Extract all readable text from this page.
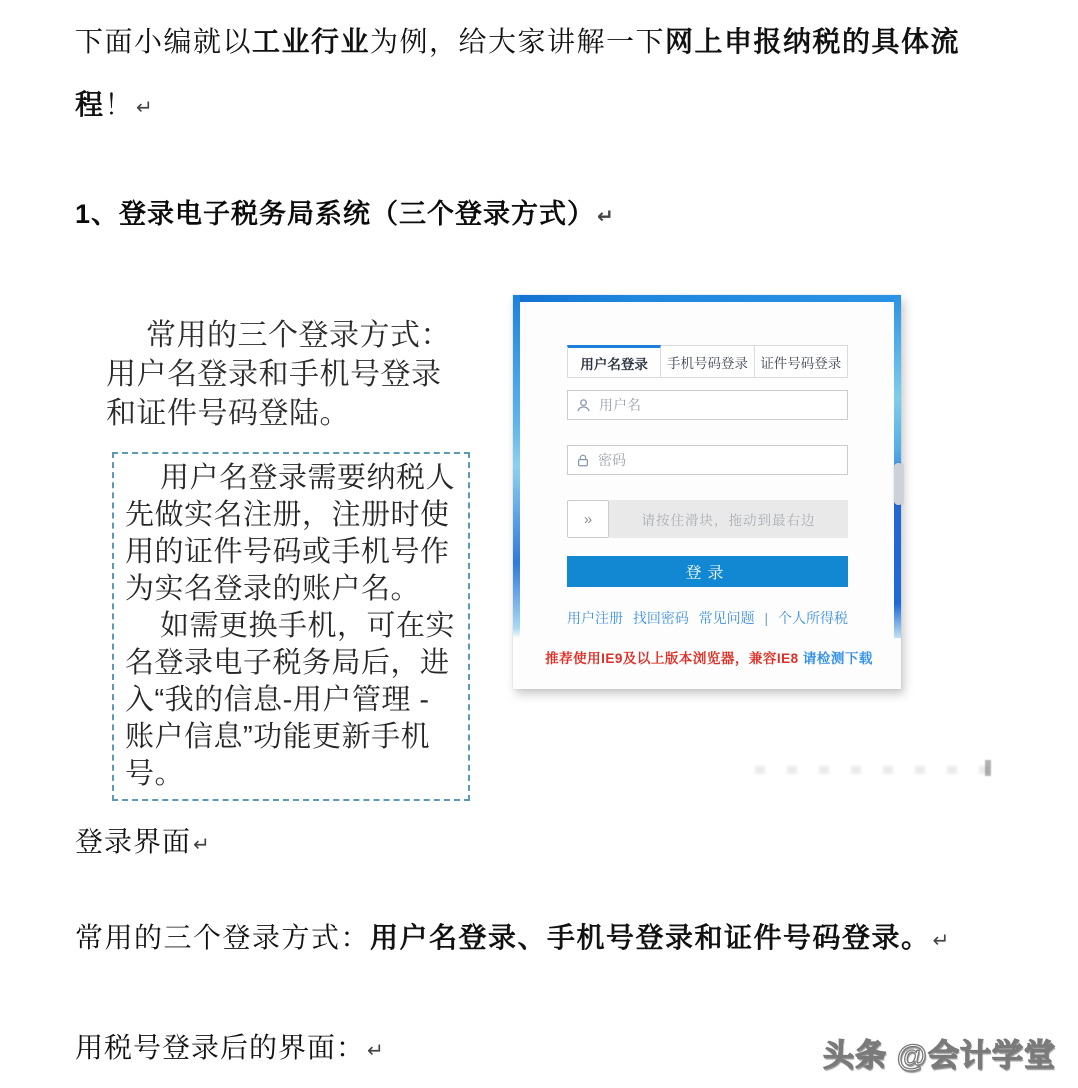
下面小编就以工业行业为例，给大家讲解一下网上申报纳税的具体流程！ ↵
1、登录电子税务局系统（三个登录方式） ↵
常用的三个登录方式：用户名登录和手机号登录和证件号码登陆。

用户名登录需要纳税人先做实名注册，注册时使用的证件号码或手机号作为实名登录的账户名。

如需更换手机，可在实名登录电子税务局后，进入“我的信息-用户管理 - 账户信息”功能更新手机号。

用户名登录	手机号码登录 证件号码登录
用户名
»	请按住滑块，拖动到最右边
登录
用户注册 找回密码 常见问题 | 个人所得税
推荐使用IE9及以上版本浏览器，兼容IE8 请检测下载
登录界面 ↵
常用的三个登录方式：用户名登录、手机号登录和证件号码登录。 ↵
用税号登录后的界面： ↵	头条 @会计学堂
